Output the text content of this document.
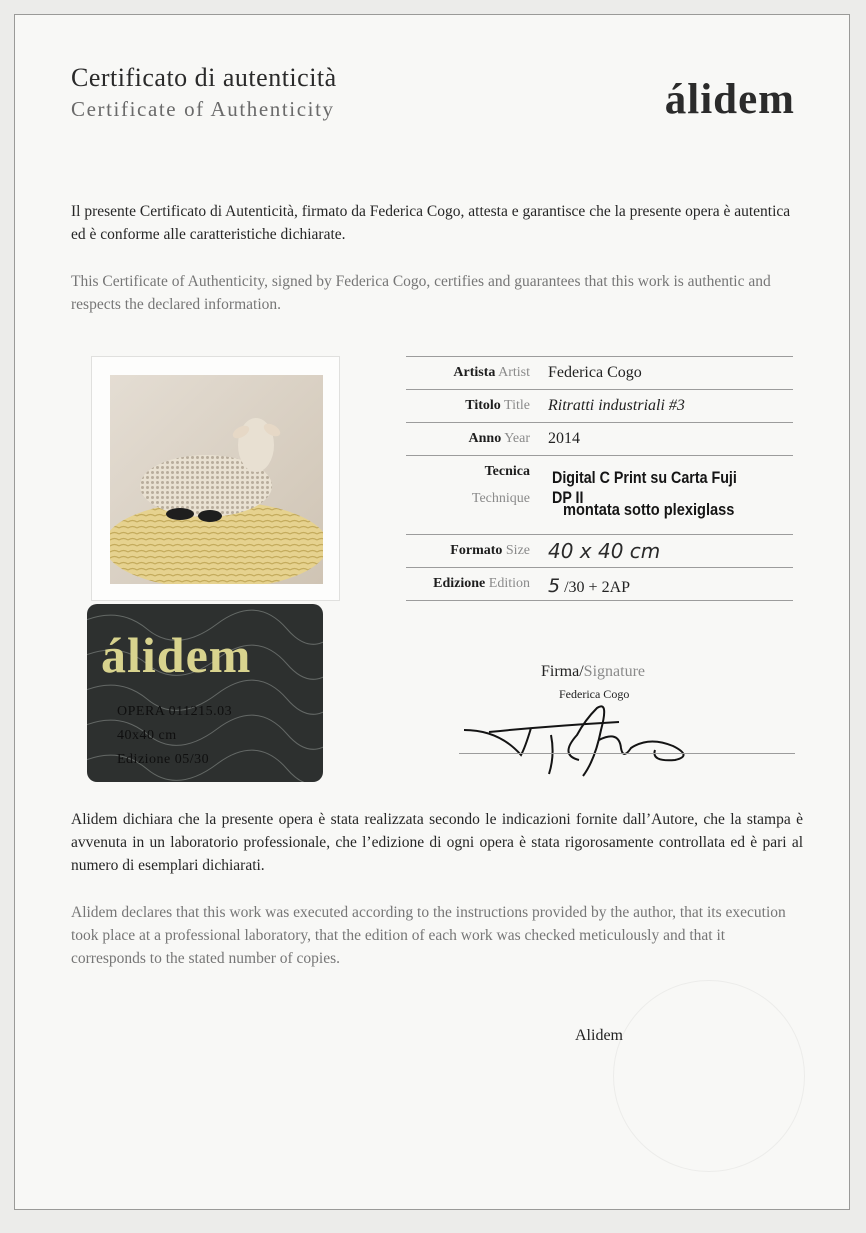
Certificato di autenticità
Certificate of Authenticity	álidem
Il presente Certificato di Autenticità, firmato da Federica Cogo, attesta e garantisce che la presente opera è autentica ed è conforme alle caratteristiche dichiarate.
This Certificate of Authenticity, signed by Federica Cogo, certifies and guarantees that this work is authentic and respects the declared information.
álidem
OPERA 011215.03
40x40 cm
Edizione 05/30
Artista Artist Federica Cogo
Titolo Title Ritratti industriali #3
Anno Year 2014
Tecnica
Technique
Digital C Print su Carta Fuji DP II
montata sotto plexiglass
Formato Size 40 x 40 cm
Edizione Edition 5 /30 + 2AP
Firma/Signature
Federica Cogo
Alidem dichiara che la presente opera è stata realizzata secondo le indicazioni fornite dall’Autore, che la stampa è avvenuta in un laboratorio professionale, che l’edizione di ogni opera è stata rigorosamente controllata ed è pari al numero di esemplari dichiarati.
Alidem declares that this work was executed according to the instructions provided by the author, that its execution took place at a professional laboratory, that the edition of each work was checked meticulously and that it corresponds to the stated number of copies.
Alidem
